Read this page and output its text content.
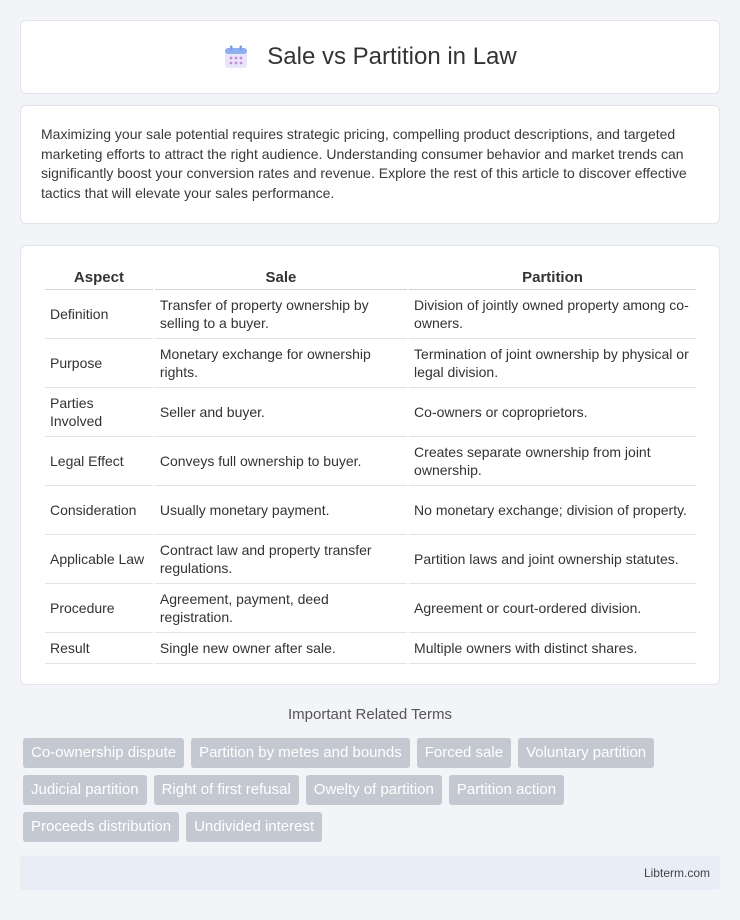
Sale vs Partition in Law

Maximizing your sale potential requires strategic pricing, compelling product descriptions, and targeted marketing efforts to attract the right audience. Understanding consumer behavior and market trends can significantly boost your conversion rates and revenue. Explore the rest of this article to discover effective tactics that will elevate your sales performance.

Aspect	Sale	Partition
Definition	Transfer of property ownership by selling to a buyer.	Division of jointly owned property among co-owners.
Purpose	Monetary exchange for ownership rights.	Termination of joint ownership by physical or legal division.
Parties Involved	Seller and buyer.	Co-owners or coproprietors.
Legal Effect	Conveys full ownership to buyer.	Creates separate ownership from joint ownership.
Consideration	Usually monetary payment.	No monetary exchange; division of property.
Applicable Law	Contract law and property transfer regulations.	Partition laws and joint ownership statutes.
Procedure	Agreement, payment, deed registration.	Agreement or court-ordered division.
Result	Single new owner after sale.	Multiple owners with distinct shares.
Important Related Terms
Co-ownership dispute	Partition by metes and bounds	Forced sale	Voluntary partition
Judicial partition	Right of first refusal	Owelty of partition	Partition action
Proceeds distribution	Undivided interest
Libterm.com
